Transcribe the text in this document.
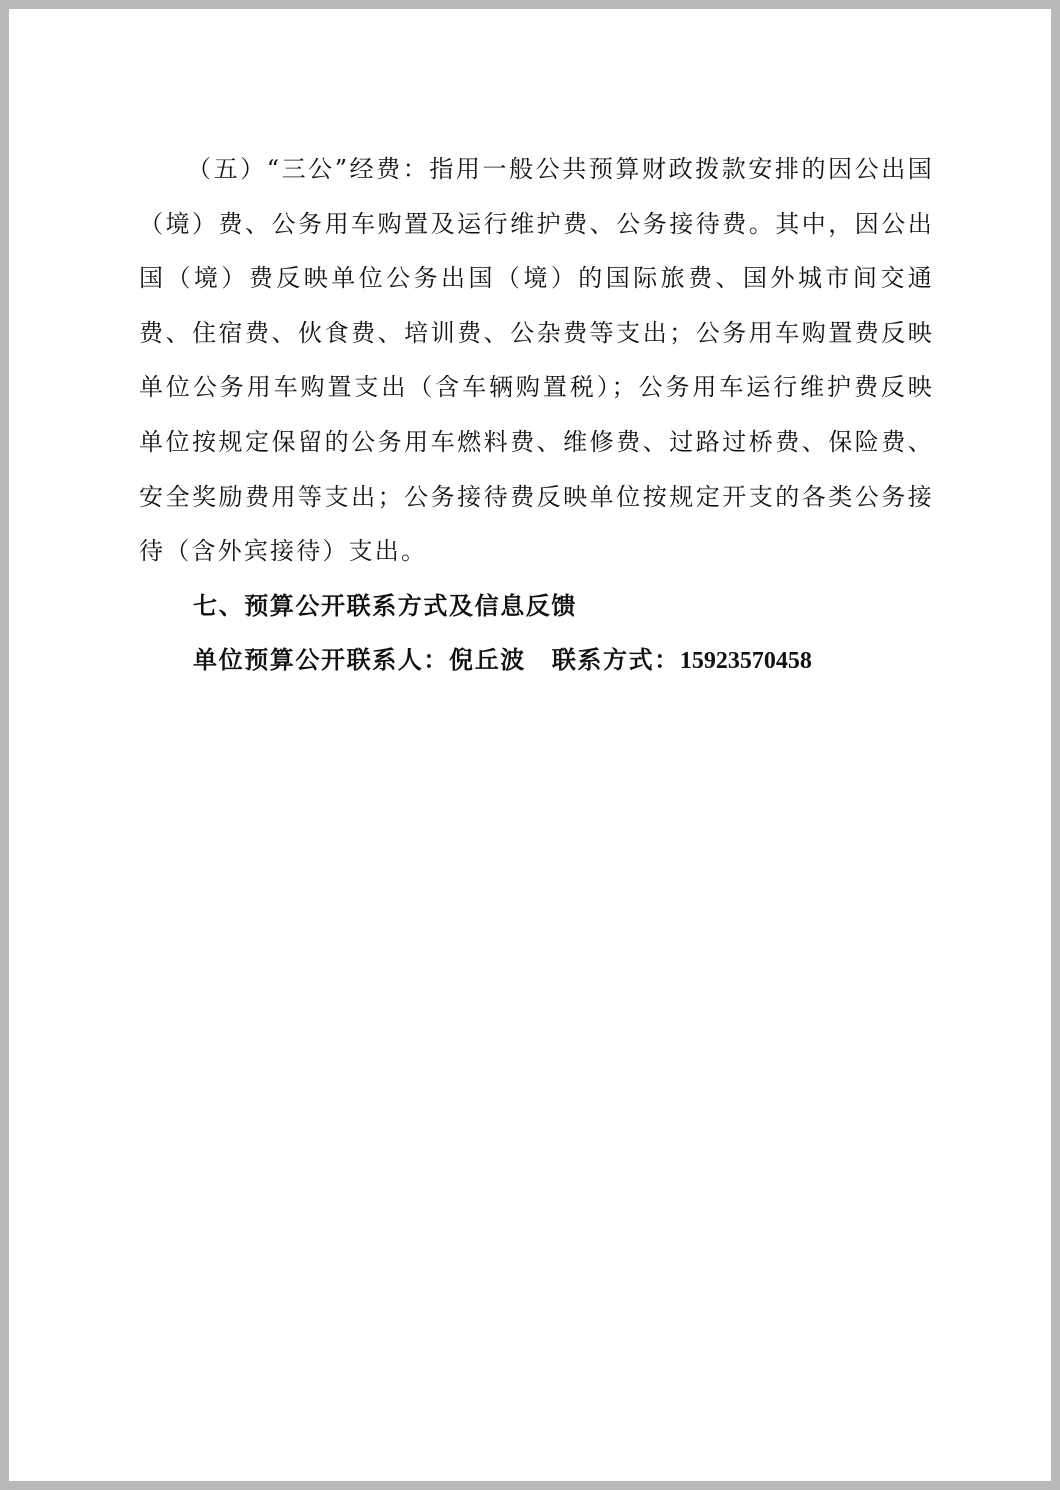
（五）“三公”经费：指用一般公共预算财政拨款安排的因公出国（境）费、公务用车购置及运行维护费、公务接待费。其中，因公出国（境）费反映单位公务出国（境）的国际旅费、国外城市间交通费、住宿费、伙食费、培训费、公杂费等支出；公务用车购置费反映单位公务用车购置支出（含车辆购置税）；公务用车运行维护费反映单位按规定保留的公务用车燃料费、维修费、过路过桥费、保险费、安全奖励费用等支出；公务接待费反映单位按规定开支的各类公务接待（含外宾接待）支出。

七、预算公开联系方式及信息反馈

单位预算公开联系人：倪丘波 联系方式：15923570458
